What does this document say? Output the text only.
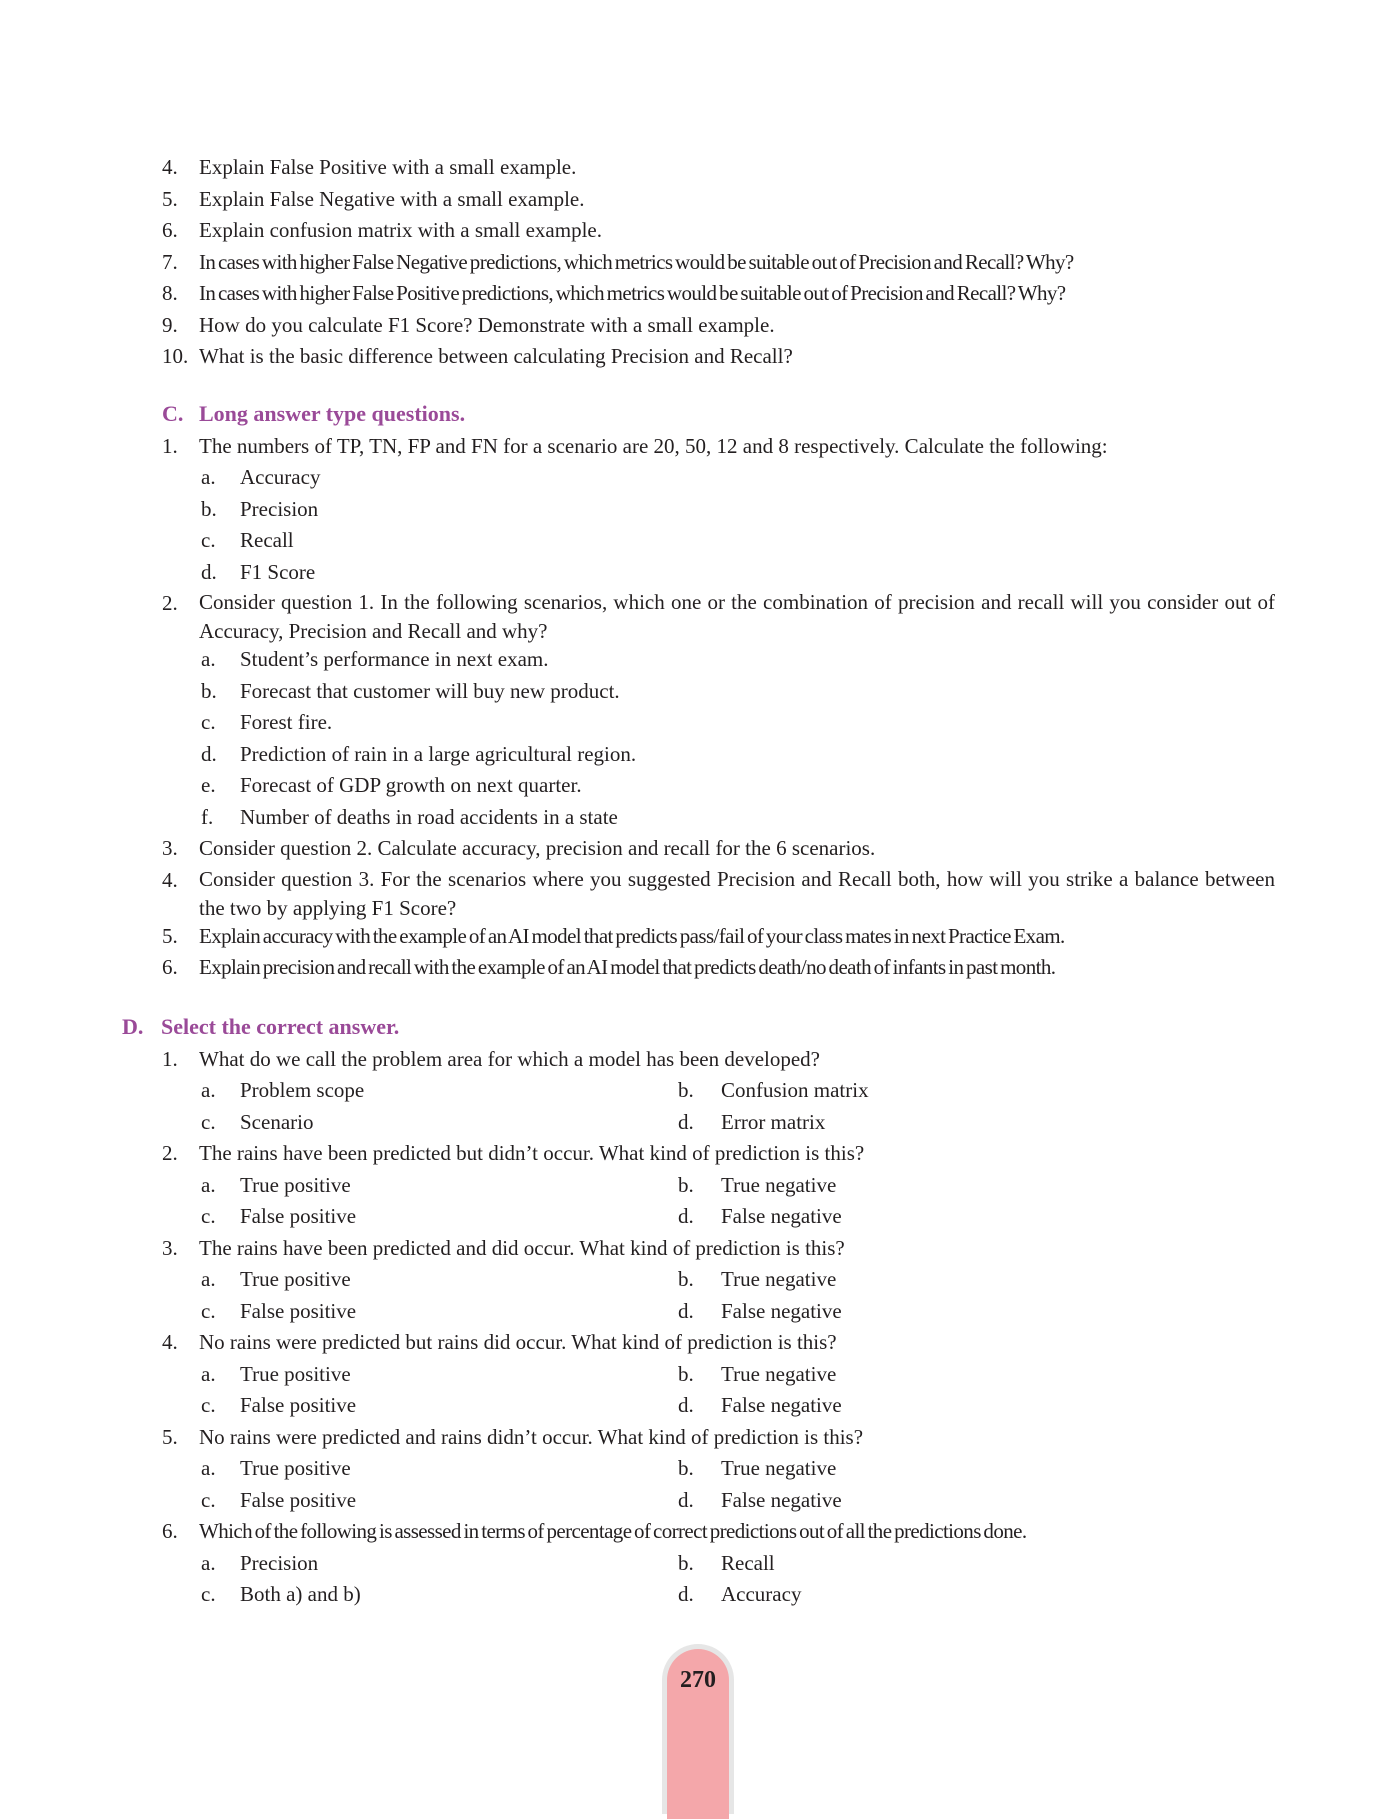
4. Explain False Positive with a small example.
5. Explain False Negative with a small example.
6. Explain confusion matrix with a small example.
7. In cases with higher False Negative predictions, which metrics would be suitable out of Precision and Recall? Why?
8. In cases with higher False Positive predictions, which metrics would be suitable out of Precision and Recall? Why?
9. How do you calculate F1 Score? Demonstrate with a small example.
10. What is the basic difference between calculating Precision and Recall?
C. Long answer type questions.
1. The numbers of TP, TN, FP and FN for a scenario are 20, 50, 12 and 8 respectively. Calculate the following:
a. Accuracy
b. Precision
c. Recall
d. F1 Score
2. Consider question 1. In the following scenarios, which one or the combination of precision and recall will you consider out of Accuracy, Precision and Recall and why?
a. Student’s performance in next exam.
b. Forecast that customer will buy new product.
c. Forest fire.
d. Prediction of rain in a large agricultural region.
e. Forecast of GDP growth on next quarter.
f. Number of deaths in road accidents in a state
3. Consider question 2. Calculate accuracy, precision and recall for the 6 scenarios.
4. Consider question 3. For the scenarios where you suggested Precision and Recall both, how will you strike a balance between the two by applying F1 Score?
5. Explain accuracy with the example of an AI model that predicts pass/fail of your class mates in next Practice Exam.
6. Explain precision and recall with the example of an AI model that predicts death/no death of infants in past month.
D. Select the correct answer.
1. What do we call the problem area for which a model has been developed?
a. Problem scope	b. Confusion matrix
c. Scenario	d. Error matrix
2. The rains have been predicted but didn’t occur. What kind of prediction is this?
a. True positive	b. True negative
c. False positive	d. False negative
3. The rains have been predicted and did occur. What kind of prediction is this?
a. True positive	b. True negative
c. False positive	d. False negative
4. No rains were predicted but rains did occur. What kind of prediction is this?
a. True positive	b. True negative
c. False positive	d. False negative
5. No rains were predicted and rains didn’t occur. What kind of prediction is this?
a. True positive	b. True negative
c. False positive	d. False negative
6. Which of the following is assessed in terms of percentage of correct predictions out of all the predictions done.
a. Precision	b. Recall
c. Both a) and b)	d. Accuracy
270
